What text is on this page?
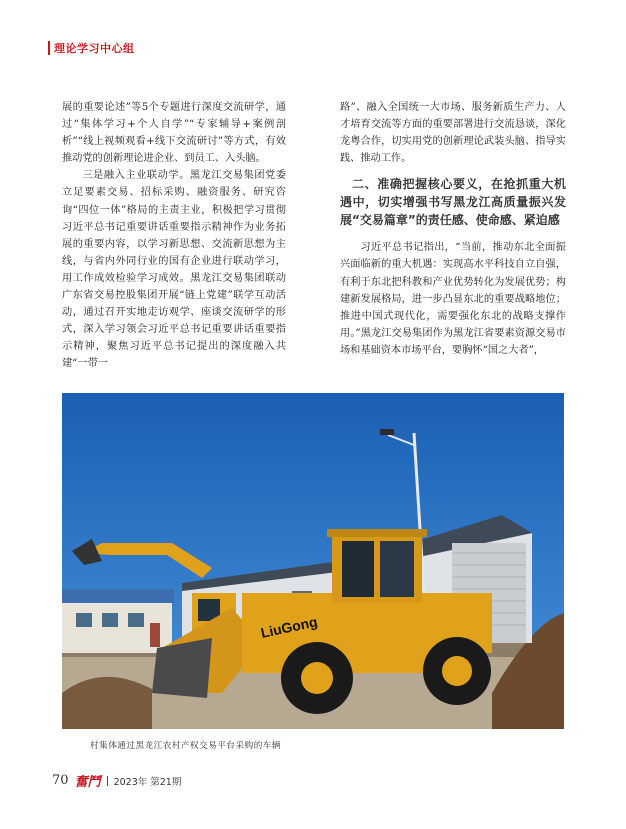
理论学习中心组

展的重要论述”等5个专题进行深度交流研学，通过“集体学习+个人自学”“专家辅导+案例剖析”“线上视频观看+线下交流研讨”等方式，有效推动党的创新理论进企业、到员工、入头脑。

三是融入主业联动学。黑龙江交易集团党委立足要素交易、招标采购、融资服务、研究咨询“四位一体”格局的主责主业，积极把学习贯彻习近平总书记重要讲话重要指示精神作为业务拓展的重要内容，以学习新思想、交流新思想为主线，与省内外同行业的国有企业进行联动学习，用工作成效检验学习成效。黑龙江交易集团联动广东省交易控股集团开展“链上党建”联学互动活动，通过召开实地走访观学、座谈交流研学的形式，深入学习领会习近平总书记重要讲话重要指示精神，聚焦习近平总书记提出的深度融入共建“一带一

路”、融入全国统一大市场、服务新质生产力、人才培育交流等方面的重要部署进行交流恳谈，深化龙粤合作，切实用党的创新理论武装头脑、指导实践、推动工作。

二、准确把握核心要义，在抢抓重大机遇中，切实增强书写黑龙江高质量振兴发展“交易篇章”的责任感、使命感、紧迫感

习近平总书记指出，“当前，推动东北全面振兴面临新的重大机遇：实现高水平科技自立自强，有利于东北把科教和产业优势转化为发展优势；构建新发展格局，进一步凸显东北的重要战略地位；推进中国式现代化，需要强化东北的战略支撑作用。”黑龙江交易集团作为黑龙江省要素资源交易市场和基础资本市场平台，要胸怀“国之大者”，

LiuGong
村集体通过黑龙江农村产权交易平台采购的车辆
70 奮鬥 2023年 第21期
